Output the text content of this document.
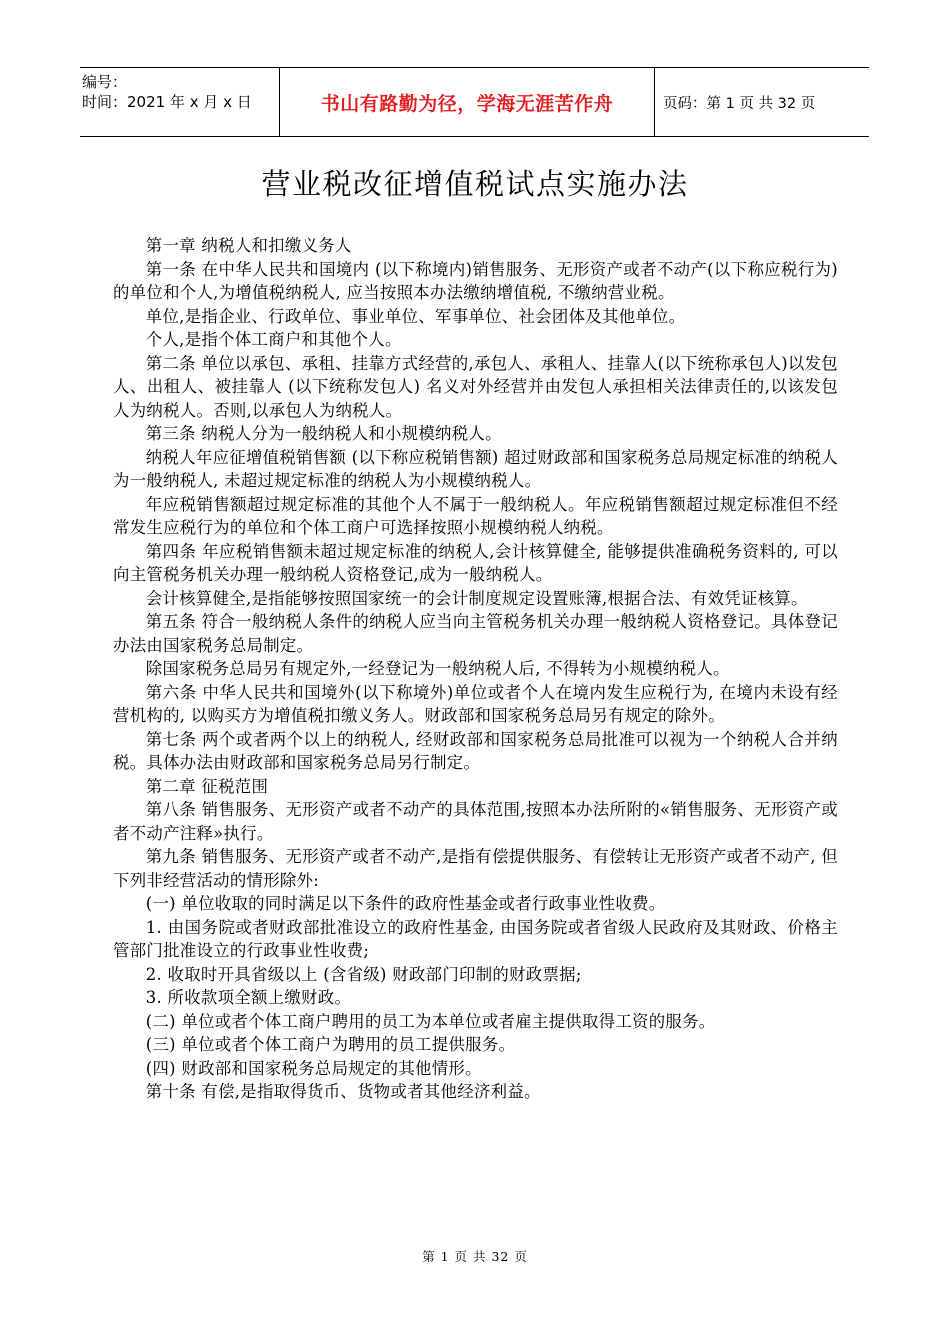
编号：
时间：2021 年 x 月 x 日	书山有路勤为径，学海无涯苦作舟	页码：第 1 页 共 32 页
营业税改征增值税试点实施办法

第一章 纳税人和扣缴义务人

第一条 在中华人民共和国境内 (以下称境内)销售服务、无形资产或者不动产(以下称应税行为)的单位和个人,为增值税纳税人, 应当按照本办法缴纳增值税, 不缴纳营业税。

单位,是指企业、行政单位、事业单位、军事单位、社会团体及其他单位。

个人,是指个体工商户和其他个人。

第二条 单位以承包、承租、挂靠方式经营的,承包人、承租人、挂靠人(以下统称承包人)以发包人、出租人、被挂靠人 (以下统称发包人) 名义对外经营并由发包人承担相关法律责任的,以该发包人为纳税人。否则,以承包人为纳税人。

第三条 纳税人分为一般纳税人和小规模纳税人。

纳税人年应征增值税销售额 (以下称应税销售额) 超过财政部和国家税务总局规定标准的纳税人为一般纳税人, 未超过规定标准的纳税人为小规模纳税人。

年应税销售额超过规定标准的其他个人不属于一般纳税人。年应税销售额超过规定标准但不经常发生应税行为的单位和个体工商户可选择按照小规模纳税人纳税。

第四条 年应税销售额未超过规定标准的纳税人,会计核算健全, 能够提供准确税务资料的, 可以向主管税务机关办理一般纳税人资格登记,成为一般纳税人。

会计核算健全,是指能够按照国家统一的会计制度规定设置账簿,根据合法、有效凭证核算。

第五条 符合一般纳税人条件的纳税人应当向主管税务机关办理一般纳税人资格登记。具体登记办法由国家税务总局制定。

除国家税务总局另有规定外,一经登记为一般纳税人后, 不得转为小规模纳税人。

第六条 中华人民共和国境外(以下称境外)单位或者个人在境内发生应税行为, 在境内未设有经营机构的, 以购买方为增值税扣缴义务人。财政部和国家税务总局另有规定的除外。

第七条 两个或者两个以上的纳税人, 经财政部和国家税务总局批准可以视为一个纳税人合并纳税。具体办法由财政部和国家税务总局另行制定。

第二章 征税范围

第八条 销售服务、无形资产或者不动产的具体范围,按照本办法所附的«销售服务、无形资产或者不动产注释»执行。

第九条 销售服务、无形资产或者不动产,是指有偿提供服务、有偿转让无形资产或者不动产, 但下列非经营活动的情形除外:

(一) 单位收取的同时满足以下条件的政府性基金或者行政事业性收费。

1. 由国务院或者财政部批准设立的政府性基金, 由国务院或者省级人民政府及其财政、价格主管部门批准设立的行政事业性收费;

2. 收取时开具省级以上 (含省级) 财政部门印制的财政票据;

3. 所收款项全额上缴财政。

(二) 单位或者个体工商户聘用的员工为本单位或者雇主提供取得工资的服务。

(三) 单位或者个体工商户为聘用的员工提供服务。

(四) 财政部和国家税务总局规定的其他情形。

第十条 有偿,是指取得货币、货物或者其他经济利益。

第 1 页 共 32 页
